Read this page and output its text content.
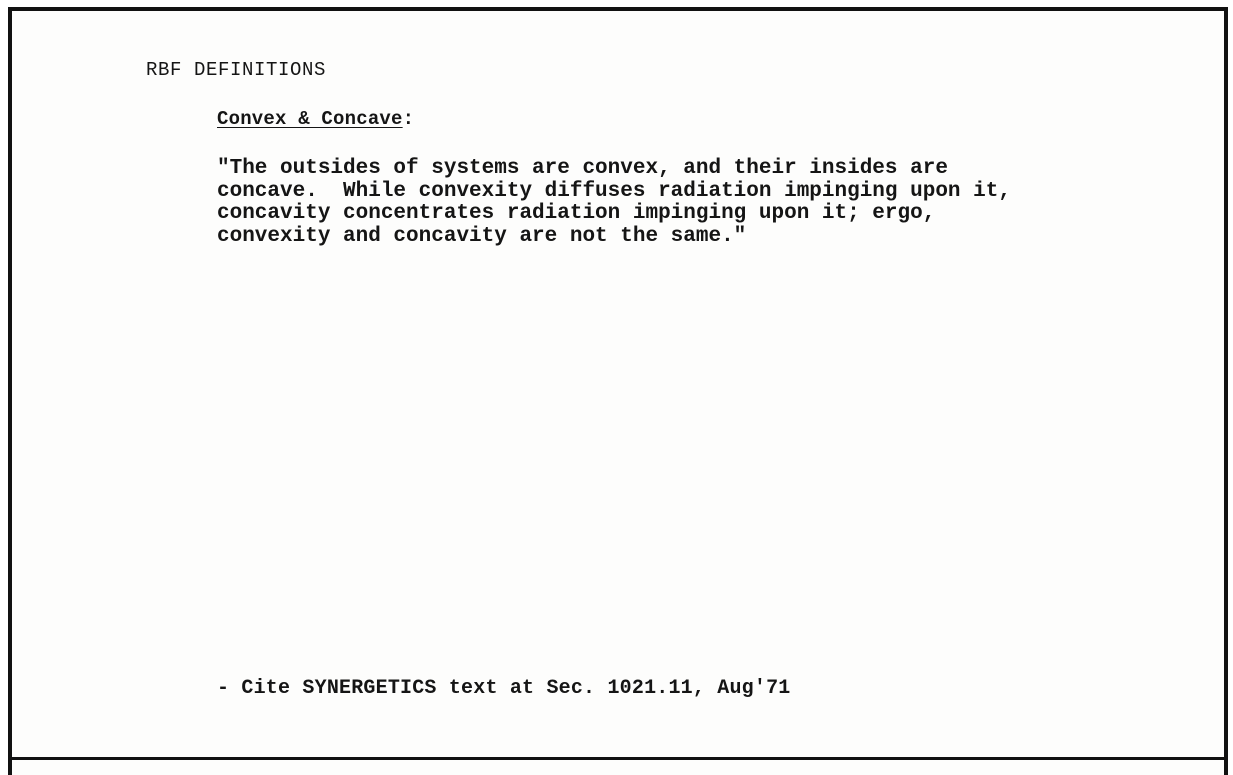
RBF DEFINITIONS
Convex & Concave:
"The outsides of systems are convex, and their insides are
concave.  While convexity diffuses radiation impinging upon it,
concavity concentrates radiation impinging upon it; ergo,
convexity and concavity are not the same."
- Cite SYNERGETICS text at Sec. 1021.11, Aug'71
